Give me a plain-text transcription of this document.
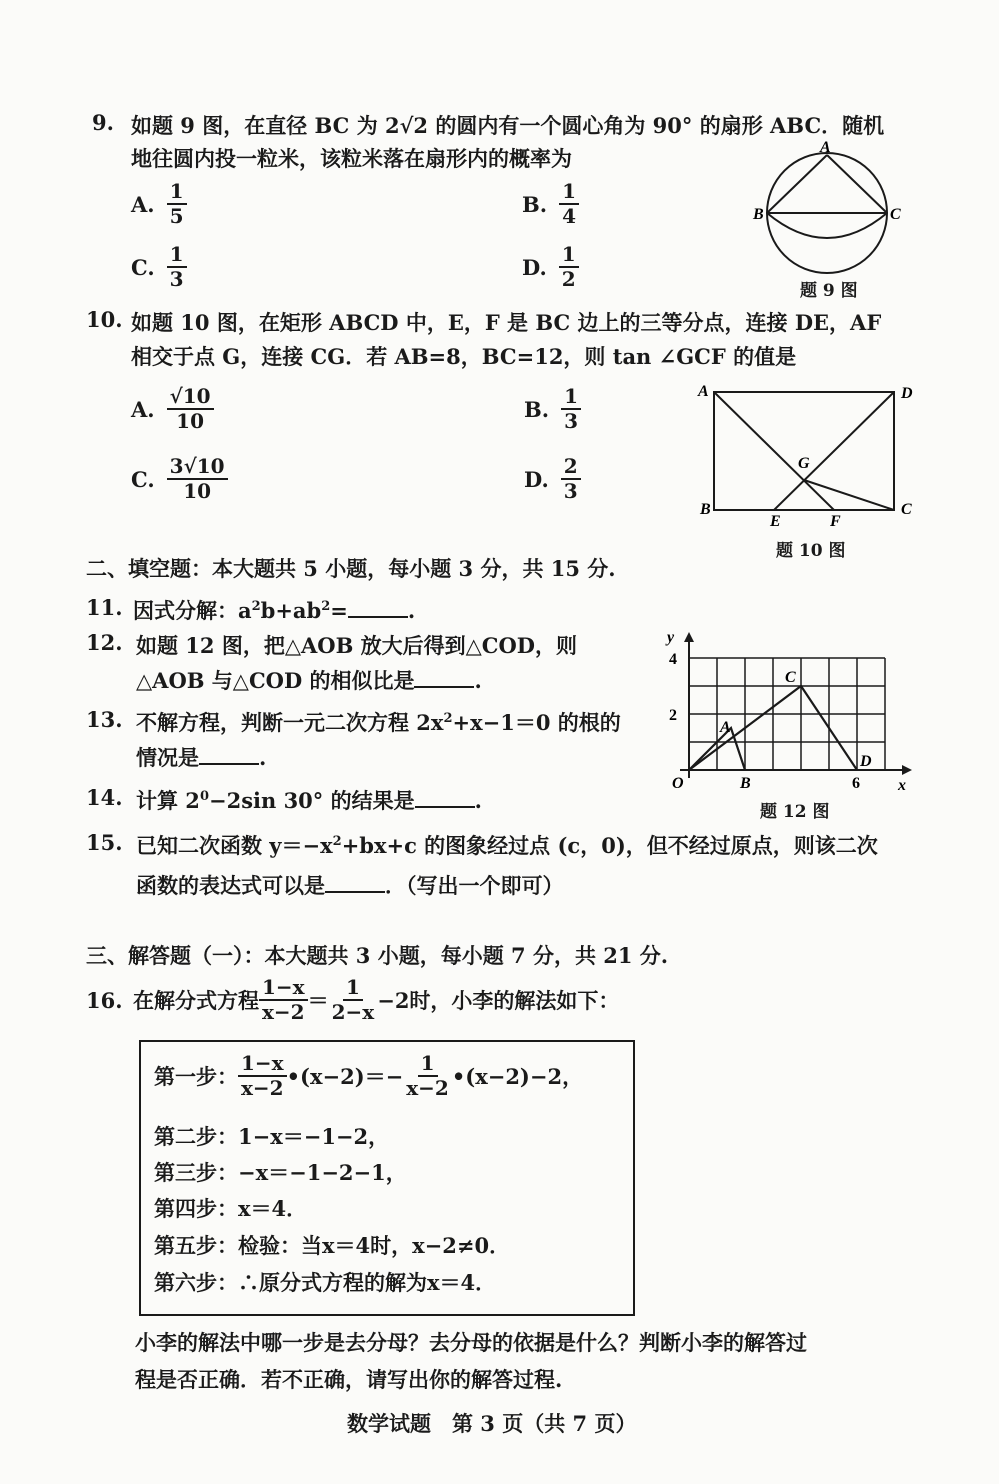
9. 如题 9 图，在直径 BC 为 2√2 的圆内有一个圆心角为 90° 的扇形 ABC．随机
地往圆内投一粒米，该粒米落在扇形内的概率为
A. $\frac{1}{5}$	B. $\frac{1}{4}$
C. $\frac{1}{3}$	D. $\frac{1}{2}$
A
B	C
题 9 图
10. 如题 10 图，在矩形 ABCD 中，E，F 是 BC 边上的三等分点，连接 DE，AF
相交于点 G，连接 CG．若 AB=8，BC=12，则 tan ∠GCF 的值是
A. $\frac{√10}{10}$	B. $\frac{1}{3}$
C. $\frac{3√10}{10}$	D. $\frac{2}{3}$
A	D
B	C
G
E	F
题 10 图
二、填空题：本大题共 5 小题，每小题 3 分，共 15 分.
11. 因式分解：$a^2b+ab^2=$	.
12. 如题 12 图，把△AOB 放大后得到△COD，则
△AOB 与△COD 的相似比是	.
13. 不解方程，判断一元二次方程 $2x^2+x-1=0$ 的根的
情况是	.
14. 计算 $2^0-2\sin$ 30° 的结果是	.
y
x
4
2
6
O
A
B
C
D
题 12 图
15. 已知二次函数 $y=-x^2+bx+c$ 的图象经过点 (c，0)，但不经过原点，则该二次
函数的表达式可以是	．（写出一个即可）
三、解答题（一）：本大题共 3 小题，每小题 7 分，共 21 分.
16. 在解分式方程 $\frac{1-x}{x-2} = \frac{1}{2-x} -2$时，小李的解法如下：
第一步： $\frac{1-x}{x-2}$ •(x−2)＝− $\frac{1}{x-2}$ •(x−2)−2，
第二步：1−x＝−1−2，
第三步：−x＝−1−2−1，
第四步：x＝4．
第五步：检验：当x＝4时，x−2≠0．
第六步：∴原分式方程的解为x＝4．
小李的解法中哪一步是去分母？去分母的依据是什么？判断小李的解答过
程是否正确．若不正确，请写出你的解答过程.
数学试题　第 3 页（共 7 页）
